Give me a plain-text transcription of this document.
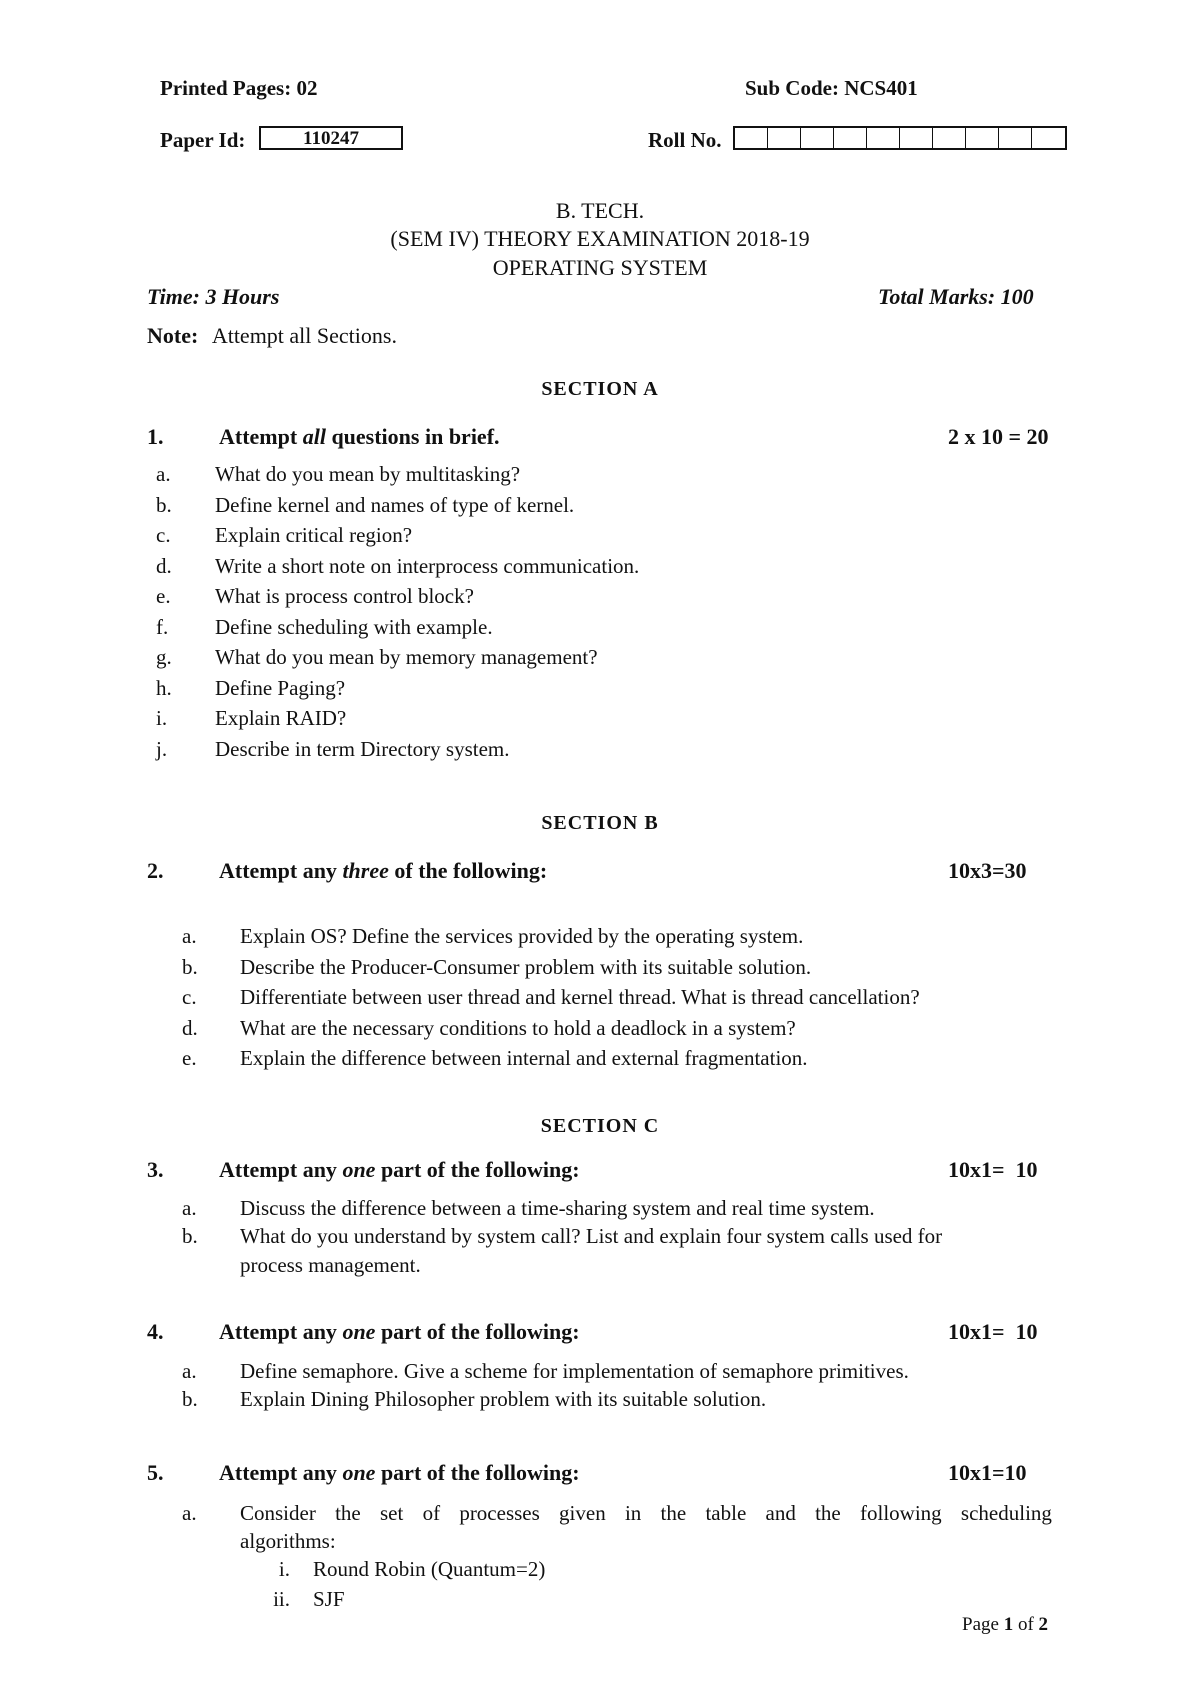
Printed Pages: 02	Sub Code: NCS401
Paper Id:	110247	Roll No.
B. TECH.
(SEM IV) THEORY EXAMINATION 2018-19
OPERATING SYSTEM
Time: 3 Hours	Total Marks: 100
Note: Attempt all Sections.
SECTION A
1.	Attempt all questions in brief.	2 x 10 = 20
a. What do you mean by multitasking?
b. Define kernel and names of type of kernel.
c. Explain critical region?
d. Write a short note on interprocess communication.
e. What is process control block?
f. Define scheduling with example.
g. What do you mean by memory management?
h. Define Paging?
i. Explain RAID?
j. Describe in term Directory system.
SECTION B
2.	Attempt any three of the following:	10x3=30
a. Explain OS? Define the services provided by the operating system.
b. Describe the Producer-Consumer problem with its suitable solution.
c. Differentiate between user thread and kernel thread. What is thread cancellation?
d. What are the necessary conditions to hold a deadlock in a system?
e. Explain the difference between internal and external fragmentation.
SECTION C
3.	Attempt any one part of the following:	10x1=  10
a. Discuss the difference between a time-sharing system and real time system.
b. What do you understand by system call? List and explain four system calls used for
process management.
4.	Attempt any one part of the following:	10x1=  10
a. Define semaphore. Give a scheme for implementation of semaphore primitives.
b. Explain Dining Philosopher problem with its suitable solution.
5.	Attempt any one part of the following:	10x1=10
a. Consider the set of processes given in the table and the following scheduling
algorithms:
i. Round Robin (Quantum=2)
ii. SJF
Page 1 of 2
